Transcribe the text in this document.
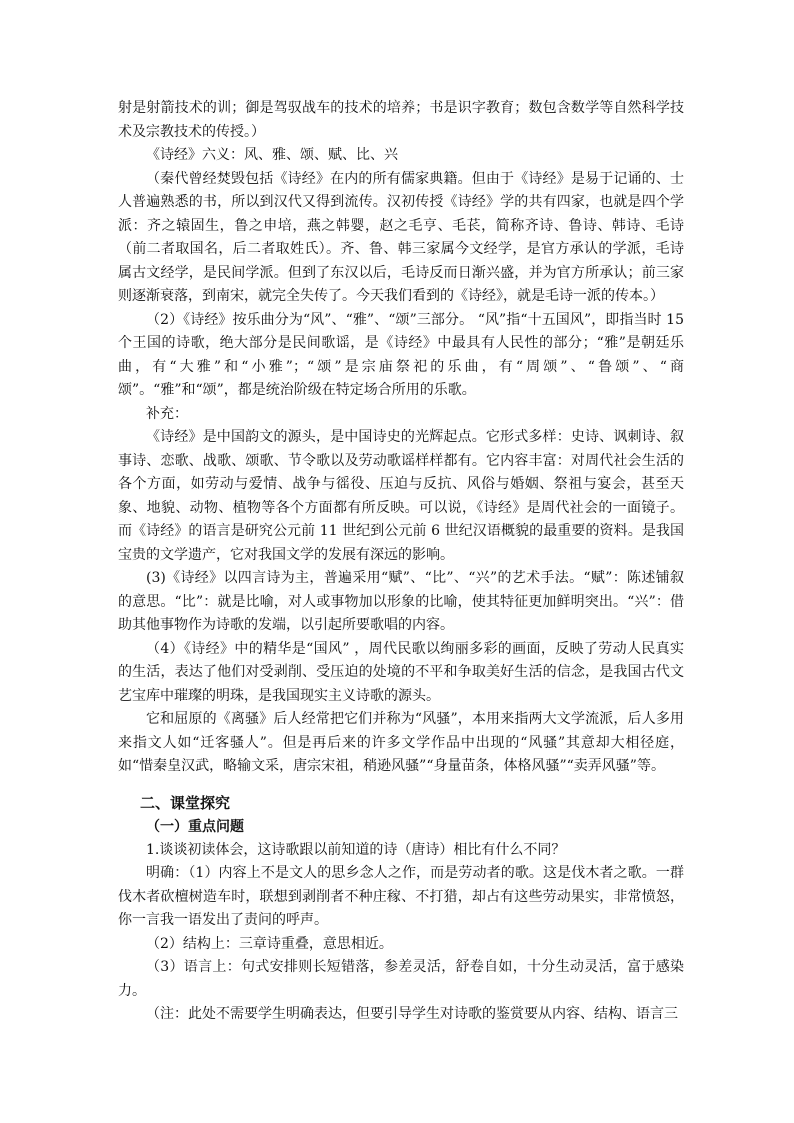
射是射箭技术的训；御是驾驭战车的技术的培养；书是识字教育；数包含数学等自然科学技术及宗教技术的传授。）

《诗经》六义：风、雅、颂、赋、比、兴

（秦代曾经焚毁包括《诗经》在内的所有儒家典籍。但由于《诗经》是易于记诵的、士人普遍熟悉的书，所以到汉代又得到流传。汉初传授《诗经》学的共有四家，也就是四个学派：齐之辕固生，鲁之申培，燕之韩婴，赵之毛亨、毛苌，简称齐诗、鲁诗、韩诗、毛诗（前二者取国名，后二者取姓氏）。齐、鲁、韩三家属今文经学，是官方承认的学派，毛诗属古文经学，是民间学派。但到了东汉以后，毛诗反而日渐兴盛，并为官方所承认；前三家则逐渐衰落，到南宋，就完全失传了。今天我们看到的《诗经》，就是毛诗一派的传本。）

（2）《诗经》按乐曲分为“风”、“雅”、“颂”三部分。 “风”指“十五国风”，即指当时 15个王国的诗歌，绝大部分是民间歌谣，是《诗经》中最具有人民性的部分；“雅”是朝廷乐曲，有“大雅”和“小雅”；“颂”是宗庙祭祀的乐曲，有“周颂”、“鲁颂”、“商颂”。“雅”和“颂”，都是统治阶级在特定场合所用的乐歌。

补充：

《诗经》是中国韵文的源头，是中国诗史的光辉起点。它形式多样：史诗、讽刺诗、叙事诗、恋歌、战歌、颂歌、节令歌以及劳动歌谣样样都有。它内容丰富：对周代社会生活的各个方面，如劳动与爱情、战争与徭役、压迫与反抗、风俗与婚姻、祭祖与宴会，甚至天象、地貌、动物、植物等各个方面都有所反映。可以说，《诗经》是周代社会的一面镜子。而《诗经》的语言是研究公元前 11 世纪到公元前 6 世纪汉语概貌的最重要的资料。是我国宝贵的文学遗产，它对我国文学的发展有深远的影响。

(3)《诗经》以四言诗为主，普遍采用“赋”、“比”、“兴”的艺术手法。“赋”：陈述铺叙的意思。“比”：就是比喻，对人或事物加以形象的比喻，使其特征更加鲜明突出。“兴”：借助其他事物作为诗歌的发端，以引起所要歌唱的内容。

（4）《诗经》中的精华是“国风” ，周代民歌以绚丽多彩的画面，反映了劳动人民真实的生活，表达了他们对受剥削、受压迫的处境的不平和争取美好生活的信念，是我国古代文艺宝库中璀璨的明珠，是我国现实主义诗歌的源头。

它和屈原的《离骚》后人经常把它们并称为“风骚”，本用来指两大文学流派，后人多用来指文人如“迁客骚人”。但是再后来的许多文学作品中出现的“风骚”其意却大相径庭，如“惜秦皇汉武，略输文采，唐宗宋祖，稍逊风骚”“身量苗条，体格风骚”“卖弄风骚”等。

二、课堂探究

（一）重点问题

1.谈谈初读体会，这诗歌跟以前知道的诗（唐诗）相比有什么不同？

明确：（1）内容上不是文人的思乡念人之作，而是劳动者的歌。这是伐木者之歌。一群伐木者砍檀树造车时，联想到剥削者不种庄稼、不打猎，却占有这些劳动果实，非常愤怒，你一言我一语发出了责问的呼声。

（2）结构上：三章诗重叠，意思相近。

（3）语言上：句式安排则长短错落，参差灵活，舒卷自如，十分生动灵活，富于感染力。

（注：此处不需要学生明确表达，但要引导学生对诗歌的鉴赏要从内容、结构、语言三
